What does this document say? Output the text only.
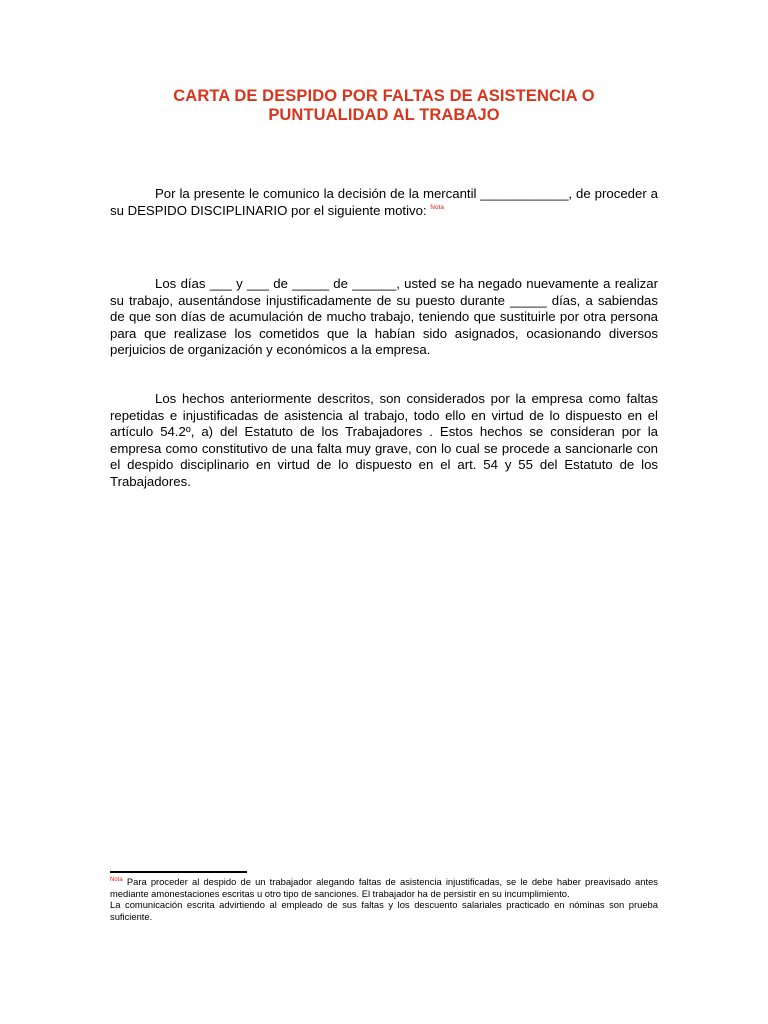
CARTA DE DESPIDO POR FALTAS DE ASISTENCIA O
PUNTUALIDAD AL TRABAJO

Por la presente le comunico la decisión de la mercantil ____________, de proceder a su DESPIDO DISCIPLINARIO por el siguiente motivo: $^{Nota}$

Los días ___ y ___ de _____ de ______, usted se ha negado nuevamente a realizar su trabajo, ausentándose injustificadamente de su puesto durante _____ días, a sabiendas de que son días de acumulación de mucho trabajo, teniendo que sustituirle por otra persona para que realizase los cometidos que la habían sido asignados, ocasionando diversos perjuicios de organización y económicos a la empresa.

Los hechos anteriormente descritos, son considerados por la empresa como faltas repetidas e injustificadas de asistencia al trabajo, todo ello en virtud de lo dispuesto en el artículo 54.2º, a) del Estatuto de los Trabajadores . Estos hechos se consideran por la empresa como constitutivo de una falta muy grave, con lo cual se procede a sancionarle con el despido disciplinario en virtud de lo dispuesto en el art. 54 y 55 del Estatuto de los Trabajadores.

$^{Nota}$ Para proceder al despido de un trabajador alegando faltas de asistencia injustificadas, se le debe haber preavisado antes mediante amonestaciones escritas u otro tipo de sanciones. El trabajador ha de persistir en su incumplimiento.

La comunicación escrita advirtiendo al empleado de sus faltas y los descuento salariales practicado en nóminas son prueba suficiente.
